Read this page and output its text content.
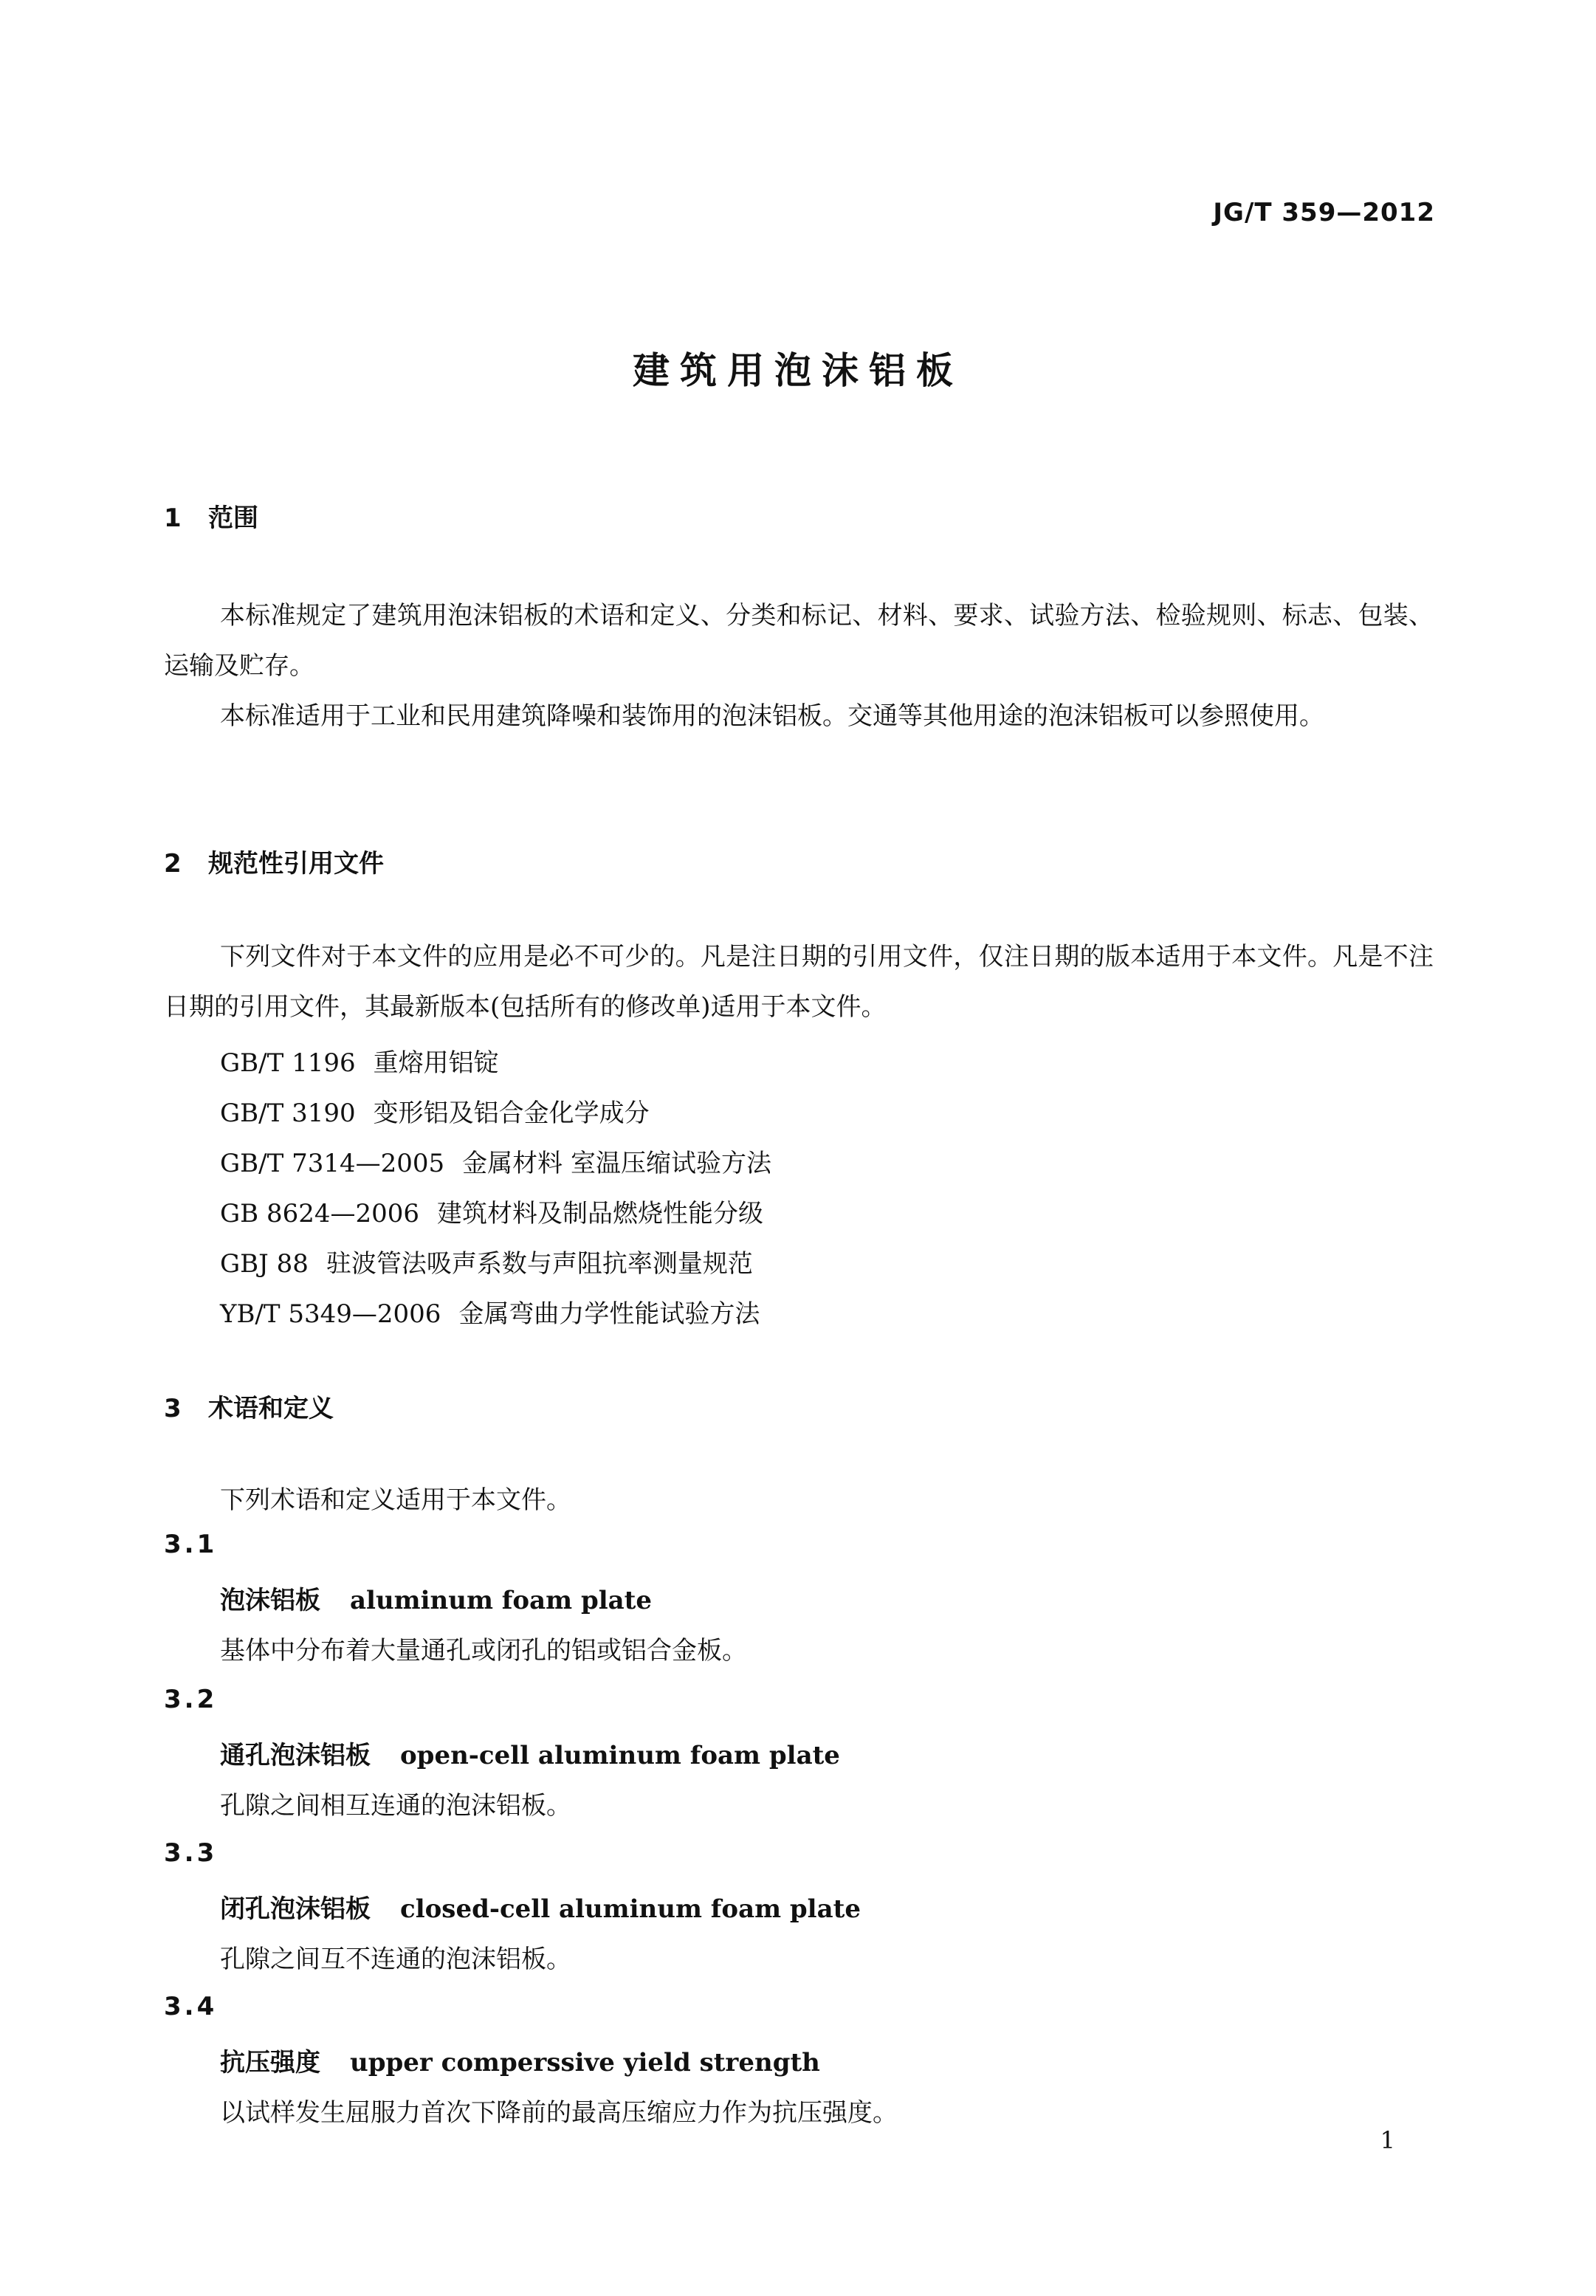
JG/T 359—2012
建筑用泡沫铝板
1 范围
本标准规定了建筑用泡沫铝板的术语和定义、分类和标记、材料、要求、试验方法、检验规则、标志、包装、运输及贮存。
本标准适用于工业和民用建筑降噪和装饰用的泡沫铝板。交通等其他用途的泡沫铝板可以参照使用。
2 规范性引用文件
下列文件对于本文件的应用是必不可少的。凡是注日期的引用文件，仅注日期的版本适用于本文件。凡是不注日期的引用文件，其最新版本(包括所有的修改单)适用于本文件。
GB/T 1196 重熔用铝锭
GB/T 3190 变形铝及铝合金化学成分
GB/T 7314—2005 金属材料 室温压缩试验方法
GB 8624—2006 建筑材料及制品燃烧性能分级
GBJ 88 驻波管法吸声系数与声阻抗率测量规范
YB/T 5349—2006 金属弯曲力学性能试验方法
3 术语和定义
下列术语和定义适用于本文件。
3.1
泡沫铝板 aluminum foam plate
基体中分布着大量通孔或闭孔的铝或铝合金板。
3.2
通孔泡沫铝板 open-cell aluminum foam plate
孔隙之间相互连通的泡沫铝板。
3.3
闭孔泡沫铝板 closed-cell aluminum foam plate
孔隙之间互不连通的泡沫铝板。
3.4
抗压强度 upper comperssive yield strength
以试样发生屈服力首次下降前的最高压缩应力作为抗压强度。
1
